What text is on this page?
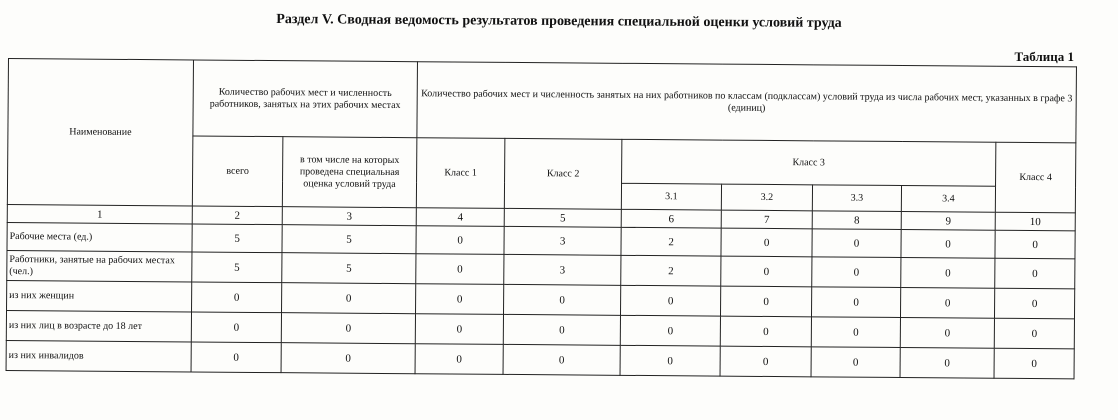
Раздел V. Сводная ведомость результатов проведения специальной оценки условий труда
Таблица 1
Наименование	Количество рабочих мест и численность работников, занятых на этих рабочих местах		Количество рабочих мест и численность занятых на них работников по классам (подклассам) условий труда из числа рабочих мест, указанных в графе 3 (единиц)						
	всего	в том числе на которых проведена специальная оценка условий труда	Класс 1	Класс 2	Класс 3				Класс 4
					3.1	3.2	3.3	3.4	
1	2	3	4	5	6	7	8	9	10
Рабочие места (ед.)	5	5	0	3	2	0	0	0	0
Работники, занятые на рабочих местах (чел.)	5	5	0	3	2	0	0	0	0
из них женщин	0	0	0	0	0	0	0	0	0
из них лиц в возрасте до 18 лет	0	0	0	0	0	0	0	0	0
из них инвалидов	0	0	0	0	0	0	0	0	0
